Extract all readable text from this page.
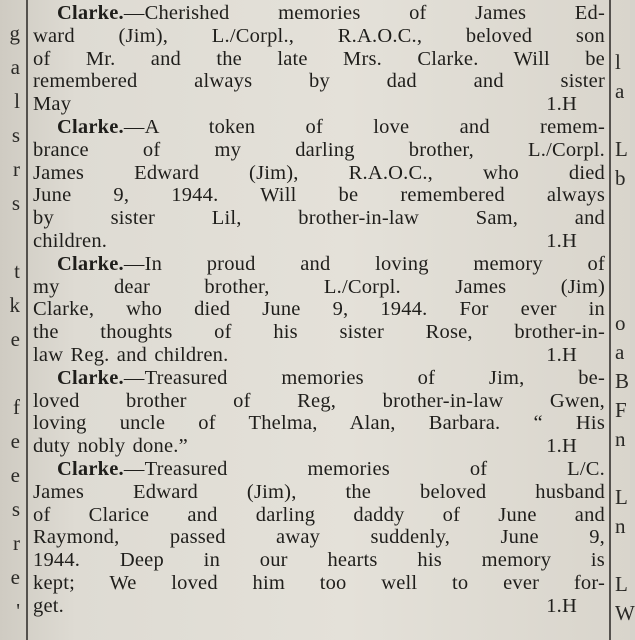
g
a
l
s
r
s
t
k
e
f
e
e
s
r
e
'
Clarke.—Cherished memories of James Ed-
ward (Jim), L./Corpl., R.A.O.C., beloved son
of Mr. and the late Mrs. Clarke. Will be
remembered always by dad and sister
May	1.H
Clarke.—A token of love and remem-
brance of my darling brother, L./Corpl.
James Edward (Jim), R.A.O.C., who died
June 9, 1944. Will be remembered always
by sister Lil, brother-in-law Sam, and
children.	1.H
Clarke.—In proud and loving memory of
my dear brother, L./Corpl. James (Jim)
Clarke, who died June 9, 1944. For ever in
the thoughts of his sister Rose, brother-in-
law Reg. and children.	1.H
Clarke.—Treasured memories of Jim, be-
loved brother of Reg, brother-in-law Gwen,
loving uncle of Thelma, Alan, Barbara. “ His
duty nobly done.”	1.H
Clarke.—Treasured memories of L/C.
James Edward (Jim), the beloved husband
of Clarice and darling daddy of June and
Raymond, passed away suddenly, June 9,
1944. Deep in our hearts his memory is
kept; We loved him too well to ever for-
get.	1.H
l
a
L
b
o
a
B
F
n
L
n
L
W
